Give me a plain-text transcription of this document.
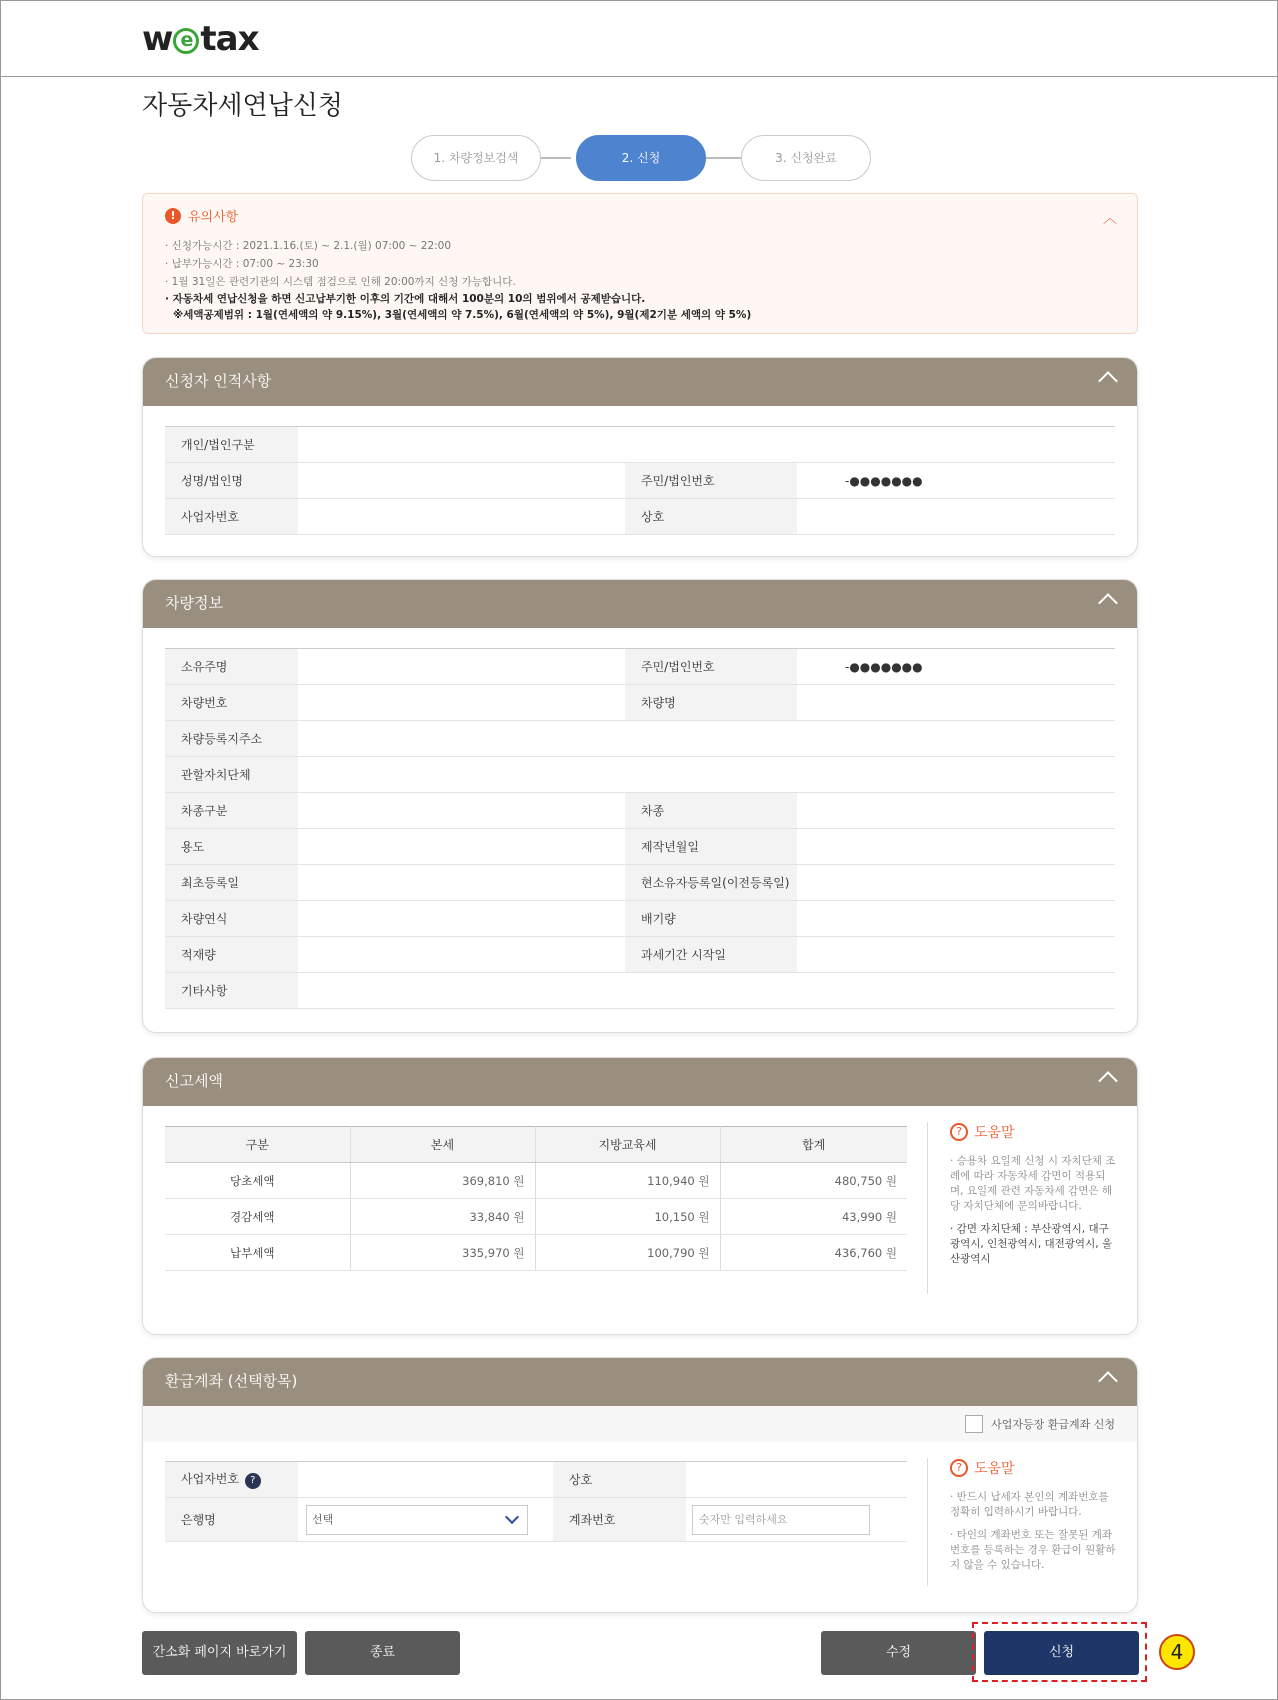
w e tax
자동차세연납신청
1. 차량정보검색	2. 신청	3. 신청완료
! 유의사항	︿

· 신청가능시간 : 2021.1.16.(토) ~ 2.1.(월) 07:00 ~ 22:00

· 납부가능시간 : 07:00 ~ 23:30

· 1월 31일은 관련기관의 시스템 점검으로 인해 20:00까지 신청 가능합니다.

· 자동차세 연납신청을 하면 신고납부기한 이후의 기간에 대해서 100분의 10의 범위에서 공제받습니다.

※세액공제범위 : 1월(연세액의 약 9.15%), 3월(연세액의 약 7.5%), 6월(연세액의 약 5%), 9월(제2기분 세액의 약 5%)

신청자 인적사항
개인/법인구분			
성명/법인명		주민/법인번호	-●●●●●●●
사업자번호		상호	
차량정보
소유주명		주민/법인번호	-●●●●●●●
차량번호		차량명	
차량등록지주소			
관할자치단체			
차종구분		차종	
용도		제작년월일	
최초등록일		현소유자등록일(이전등록일)	
차량연식		배기량	
적재량		과세기간 시작일	
기타사항			
신고세액
구분	본세	지방교육세	합계
당초세액	369,810 원	110,940 원	480,750 원
경감세액	33,840 원	10,150 원	43,990 원
납부세액	335,970 원	100,790 원	436,760 원
? 도움말

· 승용차 요일제 신청 시 자치단체 조례에 따라 자동차세 감면이 적용되며, 요일제 관련 자동차세 감면은 해당 자치단체에 문의바랍니다.

· 감면 자치단체 : 부산광역시, 대구광역시, 인천광역시, 대전광역시, 울산광역시

환급계좌 (선택항목)
사업자등장 환급계좌 신청
사업자번호 ?		상호	
은행명	선택	계좌번호	숫자만 입력하세요
? 도움말

· 반드시 납세자 본인의 계좌번호를 정확히 입력하시기 바랍니다.

· 타인의 계좌번호 또는 잘못된 계좌번호를 등록하는 경우 환급이 원활하지 않을 수 있습니다.

간소화 페이지 바로가기	종료	수정	신청	4
